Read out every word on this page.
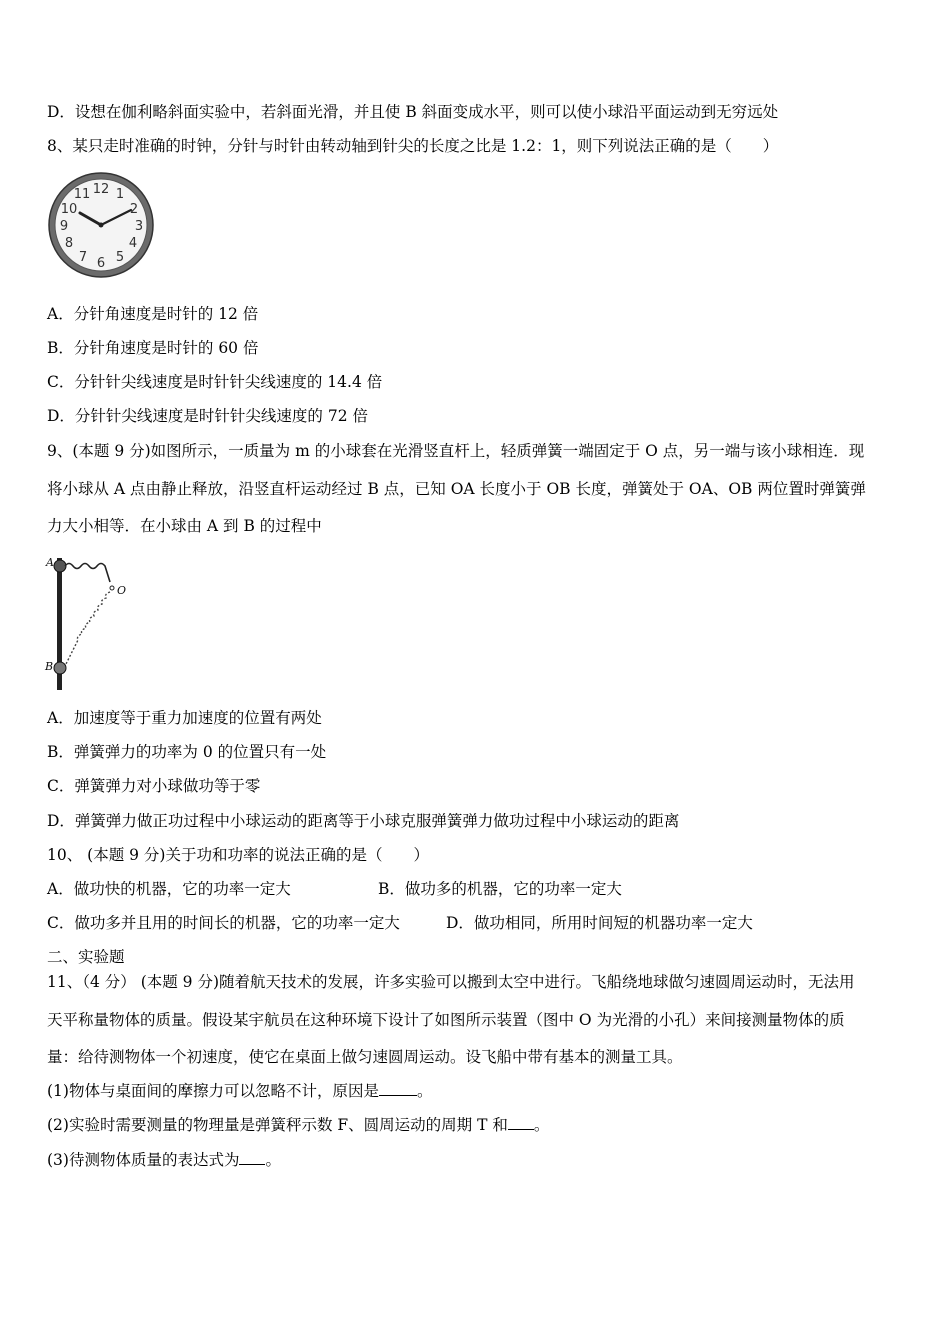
D．设想在伽利略斜面实验中，若斜面光滑，并且使 B 斜面变成水平，则可以使小球沿平面运动到无穷远处
8、某只走时准确的时钟，分针与时针由转动轴到针尖的长度之比是 1.2：1，则下列说法正确的是（　　）
12 1
2
3
4
5
6
7
8
9
10
11
A．分针角速度是时针的 12 倍
B．分针角速度是时针的 60 倍
C．分针针尖线速度是时针针尖线速度的 14.4 倍
D．分针针尖线速度是时针针尖线速度的 72 倍
9、(本题 9 分)如图所示，一质量为 m 的小球套在光滑竖直杆上，轻质弹簧一端固定于 O 点，另一端与该小球相连．现
将小球从 A 点由静止释放，沿竖直杆运动经过 B 点，已知 OA 长度小于 OB 长度，弹簧处于 OA、OB 两位置时弹簧弹
力大小相等．在小球由 A 到 B 的过程中
A
O
B
A．加速度等于重力加速度的位置有两处
B．弹簧弹力的功率为 0 的位置只有一处
C．弹簧弹力对小球做功等于零
D．弹簧弹力做正功过程中小球运动的距离等于小球克服弹簧弹力做功过程中小球运动的距离
10、 (本题 9 分)关于功和功率的说法正确的是（　　）
A．做功快的机器，它的功率一定大	B．做功多的机器，它的功率一定大
C．做功多并且用的时间长的机器，它的功率一定大	D．做功相同，所用时间短的机器功率一定大
二、实验题
11、（4 分） (本题 9 分)随着航天技术的发展，许多实验可以搬到太空中进行。飞船绕地球做匀速圆周运动时，无法用
天平称量物体的质量。假设某宇航员在这种环境下设计了如图所示装置（图中 O 为光滑的小孔）来间接测量物体的质
量：给待测物体一个初速度，使它在桌面上做匀速圆周运动。设飞船中带有基本的测量工具。
(1)物体与桌面间的摩擦力可以忽略不计，原因是 。
(2)实验时需要测量的物理量是弹簧秤示数 F、圆周运动的周期 T 和 。
(3)待测物体质量的表达式为 。
